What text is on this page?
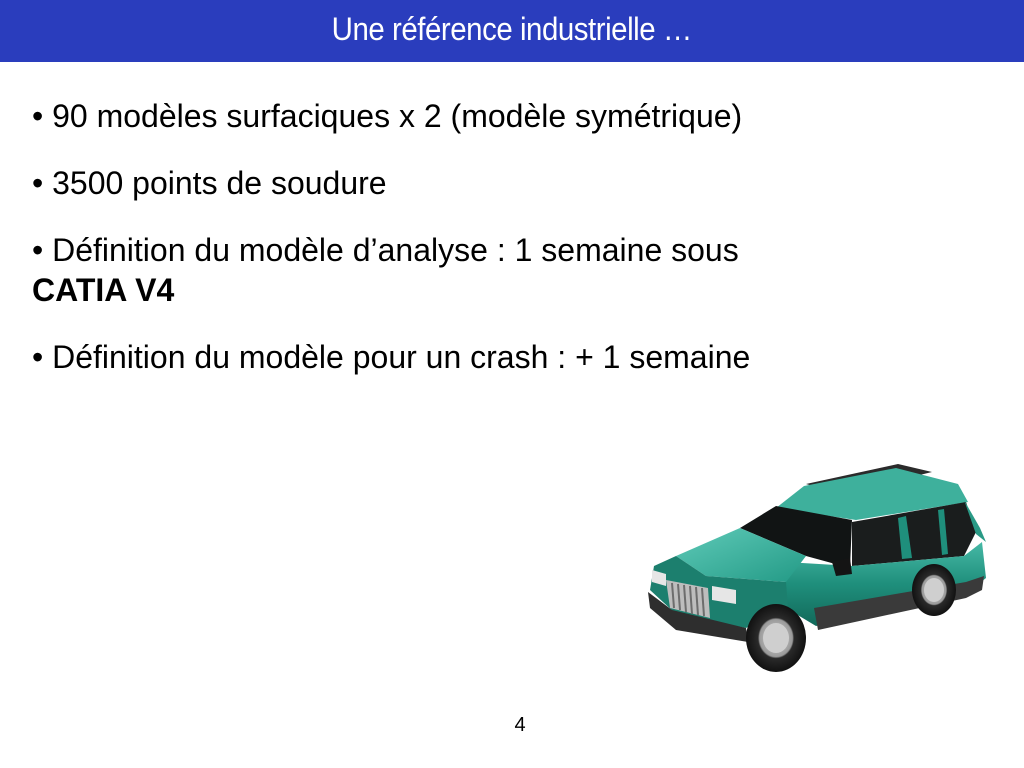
Une référence industrielle …
• 90 modèles surfaciques x 2 (modèle symétrique)
• 3500 points de soudure
• Définition du modèle d’analyse : 1 semaine sous
CATIA V4
• Définition du modèle pour un crash : + 1 semaine
4
